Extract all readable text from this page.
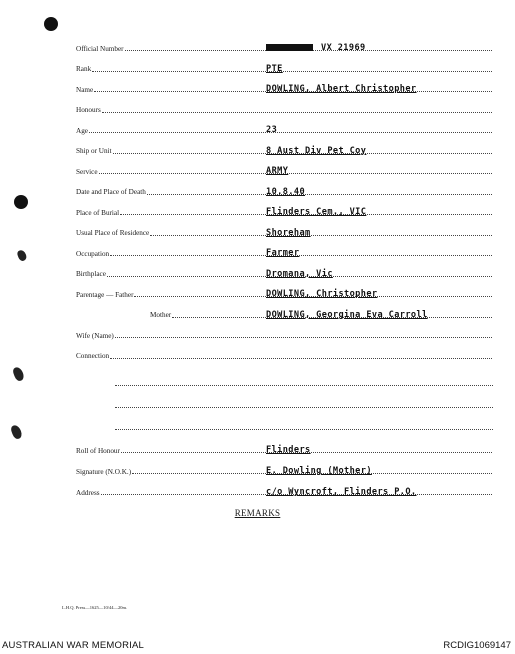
Official Number	VX 21969
Rank	PTE
Name	DOWLING, Albert Christopher
Honours
Age	23
Ship or Unit	8 Aust Div Pet Coy
Service	ARMY
Date and Place of Death	10.8.40
Place of Burial	Flinders Cem., VIC
Usual Place of Residence	Shoreham
Occupation	Farmer
Birthplace	Dromana, Vic
Parentage — Father	DOWLING, Christopher
Mother	DOWLING, Georgina Eva Carroll
Wife (Name)
Connection
Roll of Honour	Flinders
Signature (N.O.K.)	E. Dowling (Mother)
Address	c/o Wyncroft, Flinders P.O.
REMARKS
L.H.Q. Press—1625—10/44—20m.
AUSTRALIAN WAR MEMORIAL	RCDIG1069147
